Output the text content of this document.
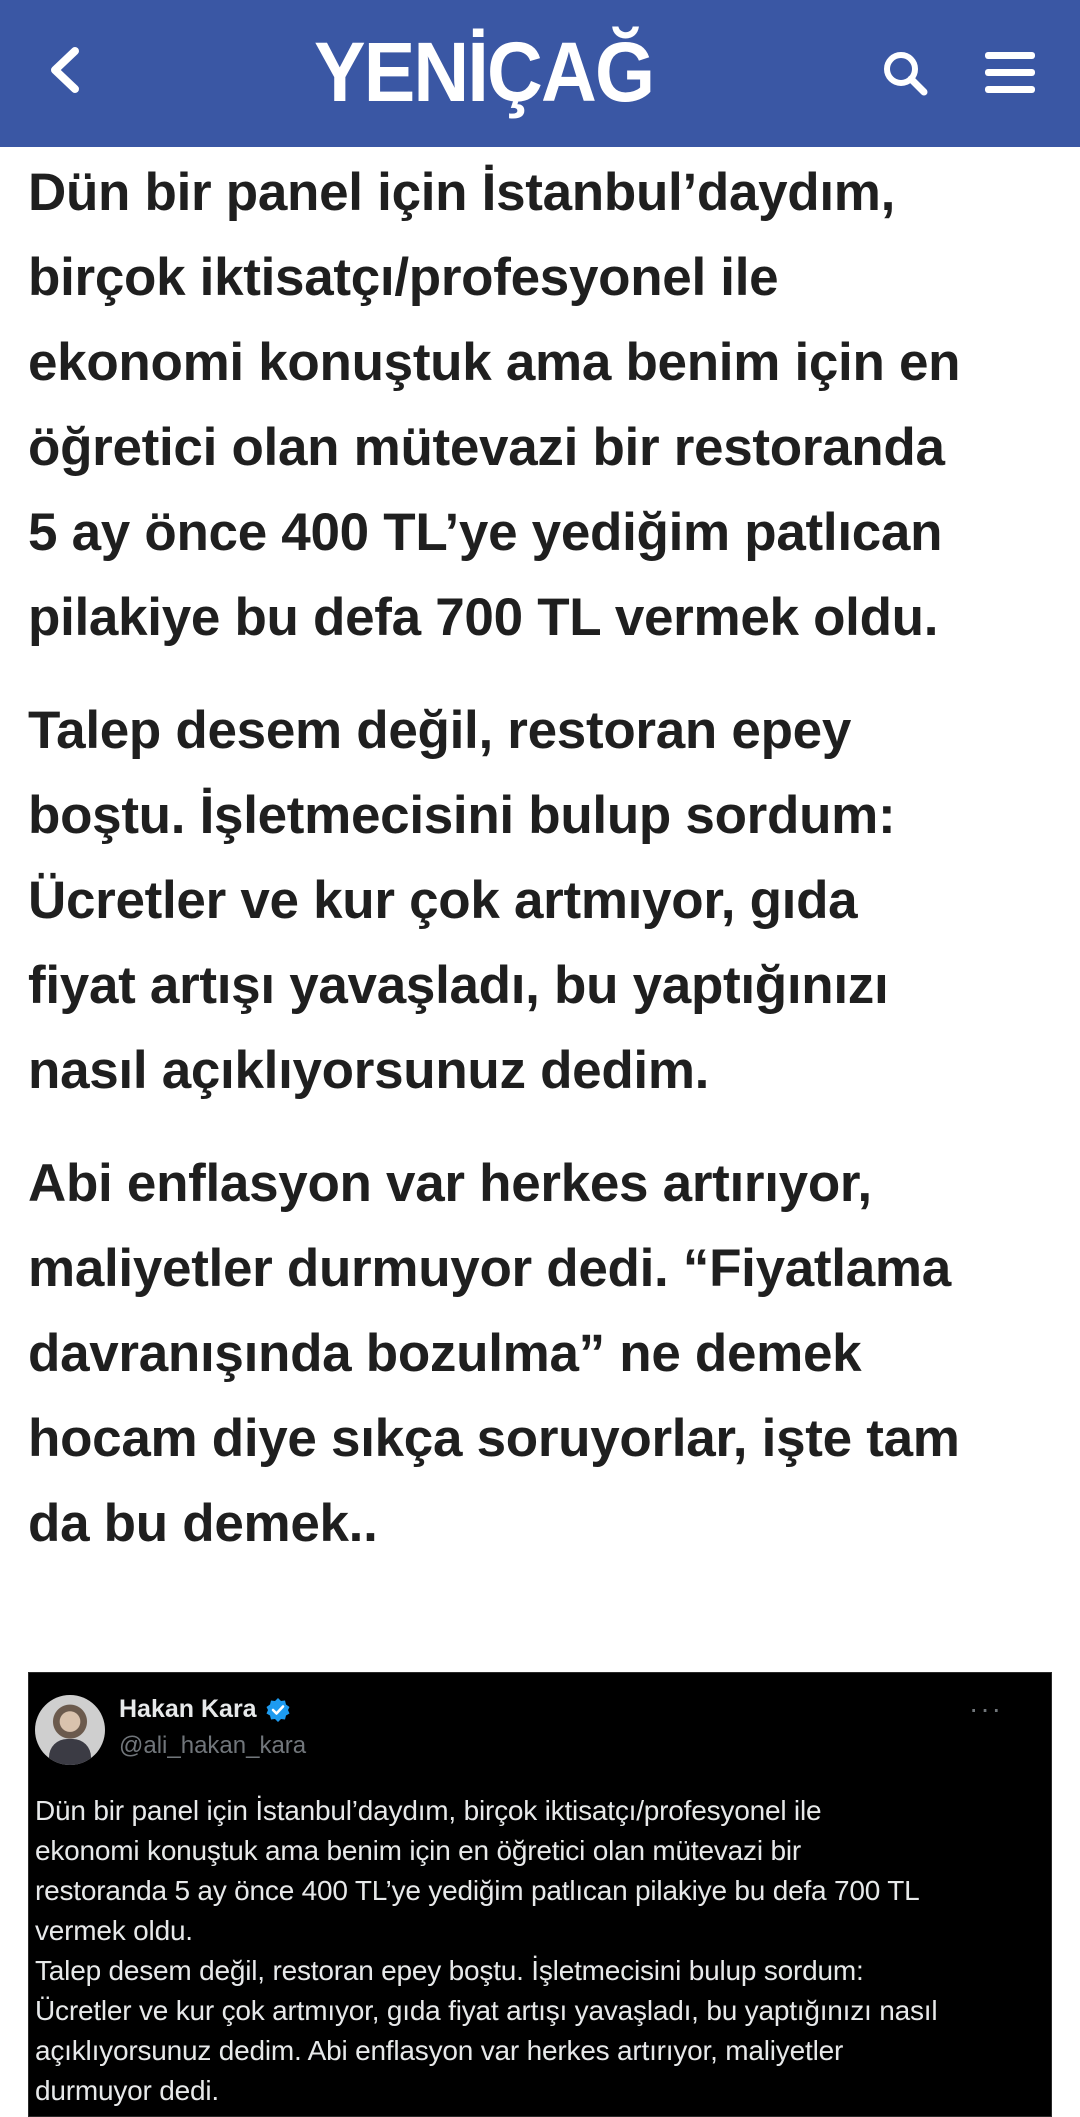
YENİÇAĞ

Dün bir panel için İstanbul’daydım,
birçok iktisatçı/profesyonel ile
ekonomi konuştuk ama benim için en
öğretici olan mütevazi bir restoranda
5 ay önce 400 TL’ye yediğim patlıcan
pilakiye bu defa 700 TL vermek oldu.

Talep desem değil, restoran epey
boştu. İşletmecisini bulup sordum:
Ücretler ve kur çok artmıyor, gıda
fiyat artışı yavaşladı, bu yaptığınızı
nasıl açıklıyorsunuz dedim.

Abi enflasyon var herkes artırıyor,
maliyetler durmuyor dedi. “Fiyatlama
davranışında bozulma” ne demek
hocam diye sıkça soruyorlar, işte tam
da bu demek..

Hakan Kara
@ali_hakan_kara
···
Dün bir panel için İstanbul’daydım, birçok iktisatçı/profesyonel ile
ekonomi konuştuk ama benim için en öğretici olan mütevazi bir
restoranda 5 ay önce 400 TL’ye yediğim patlıcan pilakiye bu defa 700 TL
vermek oldu.
Talep desem değil, restoran epey boştu. İşletmecisini bulup sordum:
Ücretler ve kur çok artmıyor, gıda fiyat artışı yavaşladı, bu yaptığınızı nasıl
açıklıyorsunuz dedim. Abi enflasyon var herkes artırıyor, maliyetler
durmuyor dedi.
